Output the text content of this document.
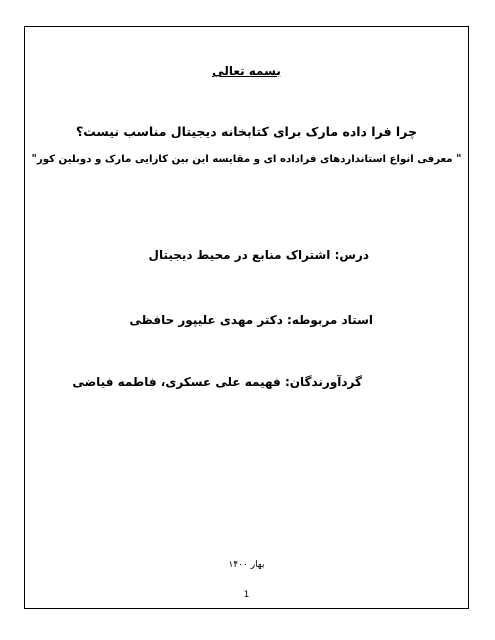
بسمه تعالی

چرا فرا داده مارک برای کتابخانه دیجیتال مناسب نیست؟

" معرفی انواع استانداردهای فراداده ای و مقایسه این بین کارایی مارک و دوبلین کور"

درس: اشتراک منابع در محیط دیجیتال

استاد مربوطه: دکتر مهدی علیپور حافظی

گردآورندگان: فهیمه علی عسکری، فاطمه فیاضی

بهار ۱۴۰۰

1
